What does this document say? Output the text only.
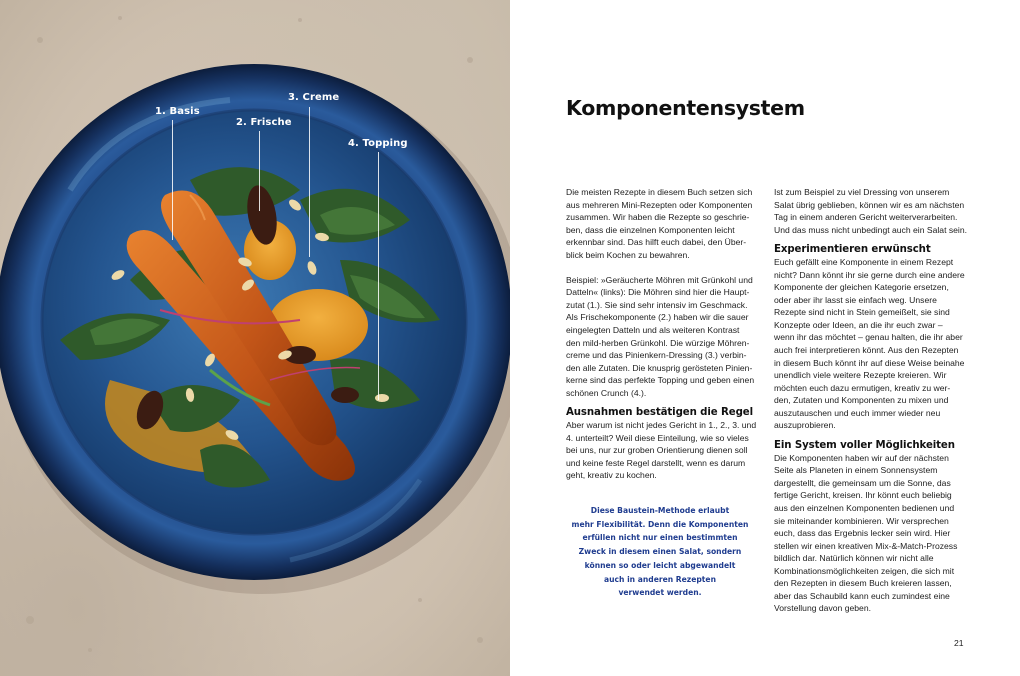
1. Basis
2. Frische
3. Creme
4. Topping
Komponentensystem

Die meisten Rezepte in diesem Buch setzen sich
aus mehreren Mini-Rezepten oder Komponenten
zusammen. Wir haben die Rezepte so geschrie-
ben, dass die einzelnen Komponenten leicht
erkennbar sind. Das hilft euch dabei, den Über-
blick beim Kochen zu bewahren.

Beispiel: »Geräucherte Möhren mit Grünkohl und
Datteln« (links): Die Möhren sind hier die Haupt-
zutat (1.). Sie sind sehr intensiv im Geschmack.
Als Frischekomponente (2.) haben wir die sauer
eingelegten Datteln und als weiteren Kontrast
den mild-herben Grünkohl. Die würzige Möhren-
creme und das Pinienkern-Dressing (3.) verbin-
den alle Zutaten. Die knusprig gerösteten Pinien-
kerne sind das perfekte Topping und geben einen
schönen Crunch (4.).

Ausnahmen bestätigen die Regel

Aber warum ist nicht jedes Gericht in 1., 2., 3. und
4. unterteilt? Weil diese Einteilung, wie so vieles
bei uns, nur zur groben Orientierung dienen soll
und keine feste Regel darstellt, wenn es darum
geht, kreativ zu kochen.

Diese Baustein-Methode erlaubt
mehr Flexibilität. Denn die Komponenten
erfüllen nicht nur einen bestimmten
Zweck in diesem einen Salat, sondern
können so oder leicht abgewandelt
auch in anderen Rezepten
verwendet werden.

Ist zum Beispiel zu viel Dressing von unserem
Salat übrig geblieben, können wir es am nächsten
Tag in einem anderen Gericht weiterverarbeiten.
Und das muss nicht unbedingt auch ein Salat sein.

Experimentieren erwünscht

Euch gefällt eine Komponente in einem Rezept
nicht? Dann könnt ihr sie gerne durch eine andere
Komponente der gleichen Kategorie ersetzen,
oder aber ihr lasst sie einfach weg. Unsere
Rezepte sind nicht in Stein gemeißelt, sie sind
Konzepte oder Ideen, an die ihr euch zwar –
wenn ihr das möchtet – genau halten, die ihr aber
auch frei interpretieren könnt. Aus den Rezepten
in diesem Buch könnt ihr auf diese Weise beinahe
unendlich viele weitere Rezepte kreieren. Wir
möchten euch dazu ermutigen, kreativ zu wer-
den, Zutaten und Komponenten zu mixen und
auszutauschen und euch immer wieder neu
auszuprobieren.

Ein System voller Möglichkeiten

Die Komponenten haben wir auf der nächsten
Seite als Planeten in einem Sonnensystem
dargestellt, die gemeinsam um die Sonne, das
fertige Gericht, kreisen. Ihr könnt euch beliebig
aus den einzelnen Komponenten bedienen und
sie miteinander kombinieren. Wir versprechen
euch, dass das Ergebnis lecker sein wird. Hier
stellen wir einen kreativen Mix-&-Match-Prozess
bildlich dar. Natürlich können wir nicht alle
Kombinationsmöglichkeiten zeigen, die sich mit
den Rezepten in diesem Buch kreieren lassen,
aber das Schaubild kann euch zumindest eine
Vorstellung davon geben.

21
